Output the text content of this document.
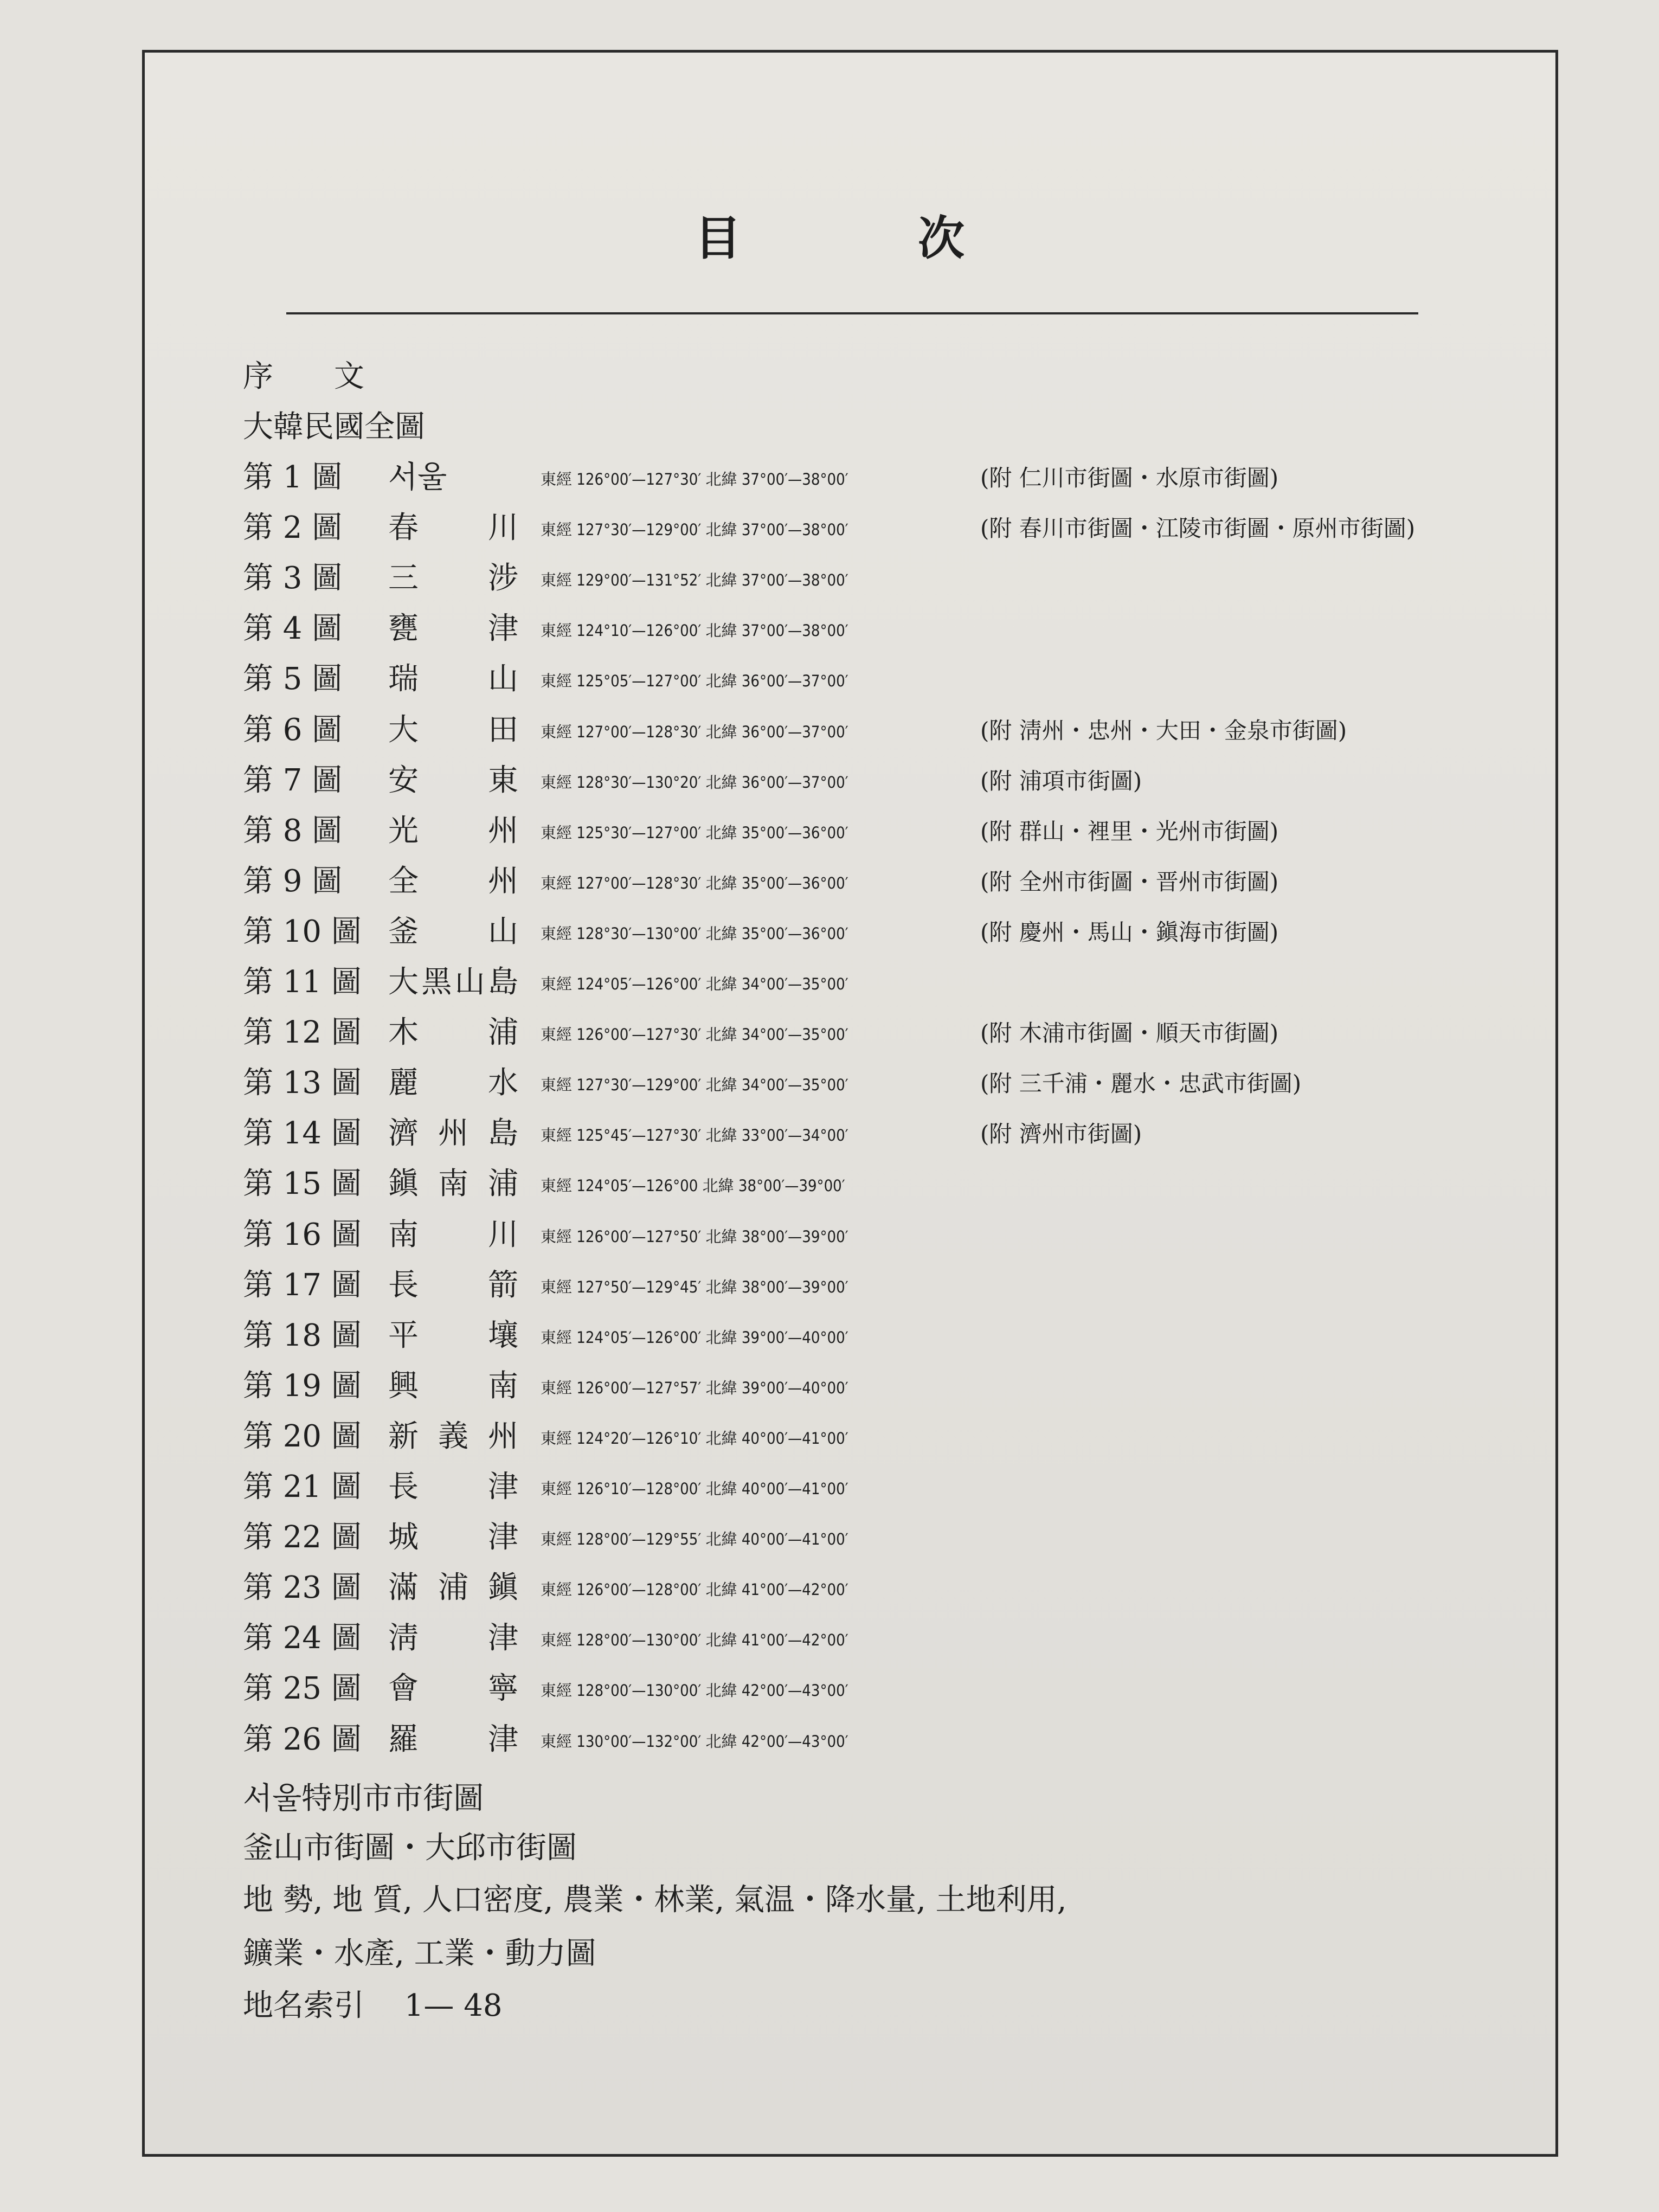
目　次
序　　文
大韓民國全圖
第 1 圖	서울	東經 126°00′—127°30′ 北緯 37°00′—38°00′	(附 仁川市街圖・水原市街圖)
第 2 圖	春川 東經 127°30′—129°00′ 北緯 37°00′—38°00′	(附 春川市街圖・江陵市街圖・原州市街圖)
第 3 圖	三涉 東經 129°00′—131°52′ 北緯 37°00′—38°00′
第 4 圖	甕津 東經 124°10′—126°00′ 北緯 37°00′—38°00′
第 5 圖	瑞山 東經 125°05′—127°00′ 北緯 36°00′—37°00′
第 6 圖	大田 東經 127°00′—128°30′ 北緯 36°00′—37°00′	(附 淸州・忠州・大田・金泉市街圖)
第 7 圖	安東 東經 128°30′—130°20′ 北緯 36°00′—37°00′	(附 浦項市街圖)
第 8 圖	光州 東經 125°30′—127°00′ 北緯 35°00′—36°00′	(附 群山・裡里・光州市街圖)
第 9 圖	全州 東經 127°00′—128°30′ 北緯 35°00′—36°00′	(附 全州市街圖・晋州市街圖)
第 10 圖 釜山 東經 128°30′—130°00′ 北緯 35°00′—36°00′	(附 慶州・馬山・鎭海市街圖)
第 11 圖 大黑山島 東經 124°05′—126°00′ 北緯 34°00′—35°00′
第 12 圖 木浦 東經 126°00′—127°30′ 北緯 34°00′—35°00′	(附 木浦市街圖・順天市街圖)
第 13 圖 麗水 東經 127°30′—129°00′ 北緯 34°00′—35°00′	(附 三千浦・麗水・忠武市街圖)
第 14 圖 濟州島 東經 125°45′—127°30′ 北緯 33°00′—34°00′	(附 濟州市街圖)
第 15 圖 鎭南浦 東經 124°05′—126°00 北緯 38°00′—39°00′
第 16 圖 南川 東經 126°00′—127°50′ 北緯 38°00′—39°00′
第 17 圖 長箭 東經 127°50′—129°45′ 北緯 38°00′—39°00′
第 18 圖 平壤 東經 124°05′—126°00′ 北緯 39°00′—40°00′
第 19 圖 興南 東經 126°00′—127°57′ 北緯 39°00′—40°00′
第 20 圖 新義州 東經 124°20′—126°10′ 北緯 40°00′—41°00′
第 21 圖 長津 東經 126°10′—128°00′ 北緯 40°00′—41°00′
第 22 圖 城津 東經 128°00′—129°55′ 北緯 40°00′—41°00′
第 23 圖 滿浦鎭 東經 126°00′—128°00′ 北緯 41°00′—42°00′
第 24 圖 淸津 東經 128°00′—130°00′ 北緯 41°00′—42°00′
第 25 圖 會寧 東經 128°00′—130°00′ 北緯 42°00′—43°00′
第 26 圖 羅津 東經 130°00′—132°00′ 北緯 42°00′—43°00′
서울特別市市街圖
釜山市街圖・大邱市街圖
地 勢, 地 質, 人口密度, 農業・林業, 氣温・降水量, 土地利用,
鑛業・水產, 工業・動力圖
地名索引　 1— 48
